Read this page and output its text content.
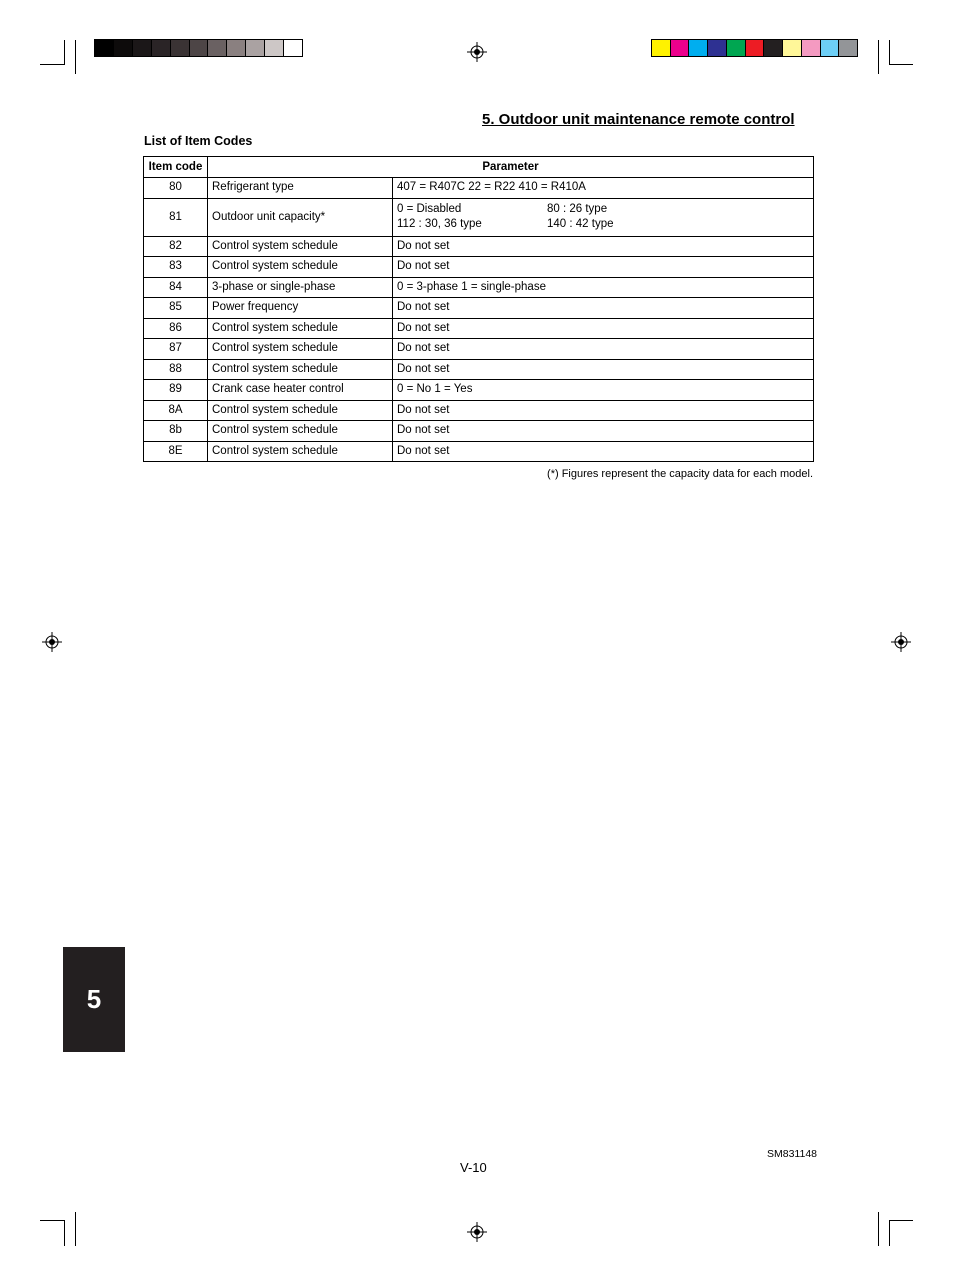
5. Outdoor unit maintenance remote control
List of Item Codes
Item code	Parameter	
80	Refrigerant type	407 = R407C 22 = R22 410 = R410A

81	Outdoor unit capacity*	0 = Disabled 80 : 26 type
112 : 30, 36 type 140 : 42 type

82	Control system schedule	Do not set

83	Control system schedule	Do not set

84	3-phase or single-phase	0 = 3-phase 1 = single-phase

85	Power frequency	Do not set

86	Control system schedule	Do not set

87	Control system schedule	Do not set

88	Control system schedule	Do not set

89	Crank case heater control	0 = No 1 = Yes

8A	Control system schedule	Do not set

8b	Control system schedule	Do not set

8E	Control system schedule	Do not set
(*) Figures represent the capacity data for each model.
5
SM831148
V-10
